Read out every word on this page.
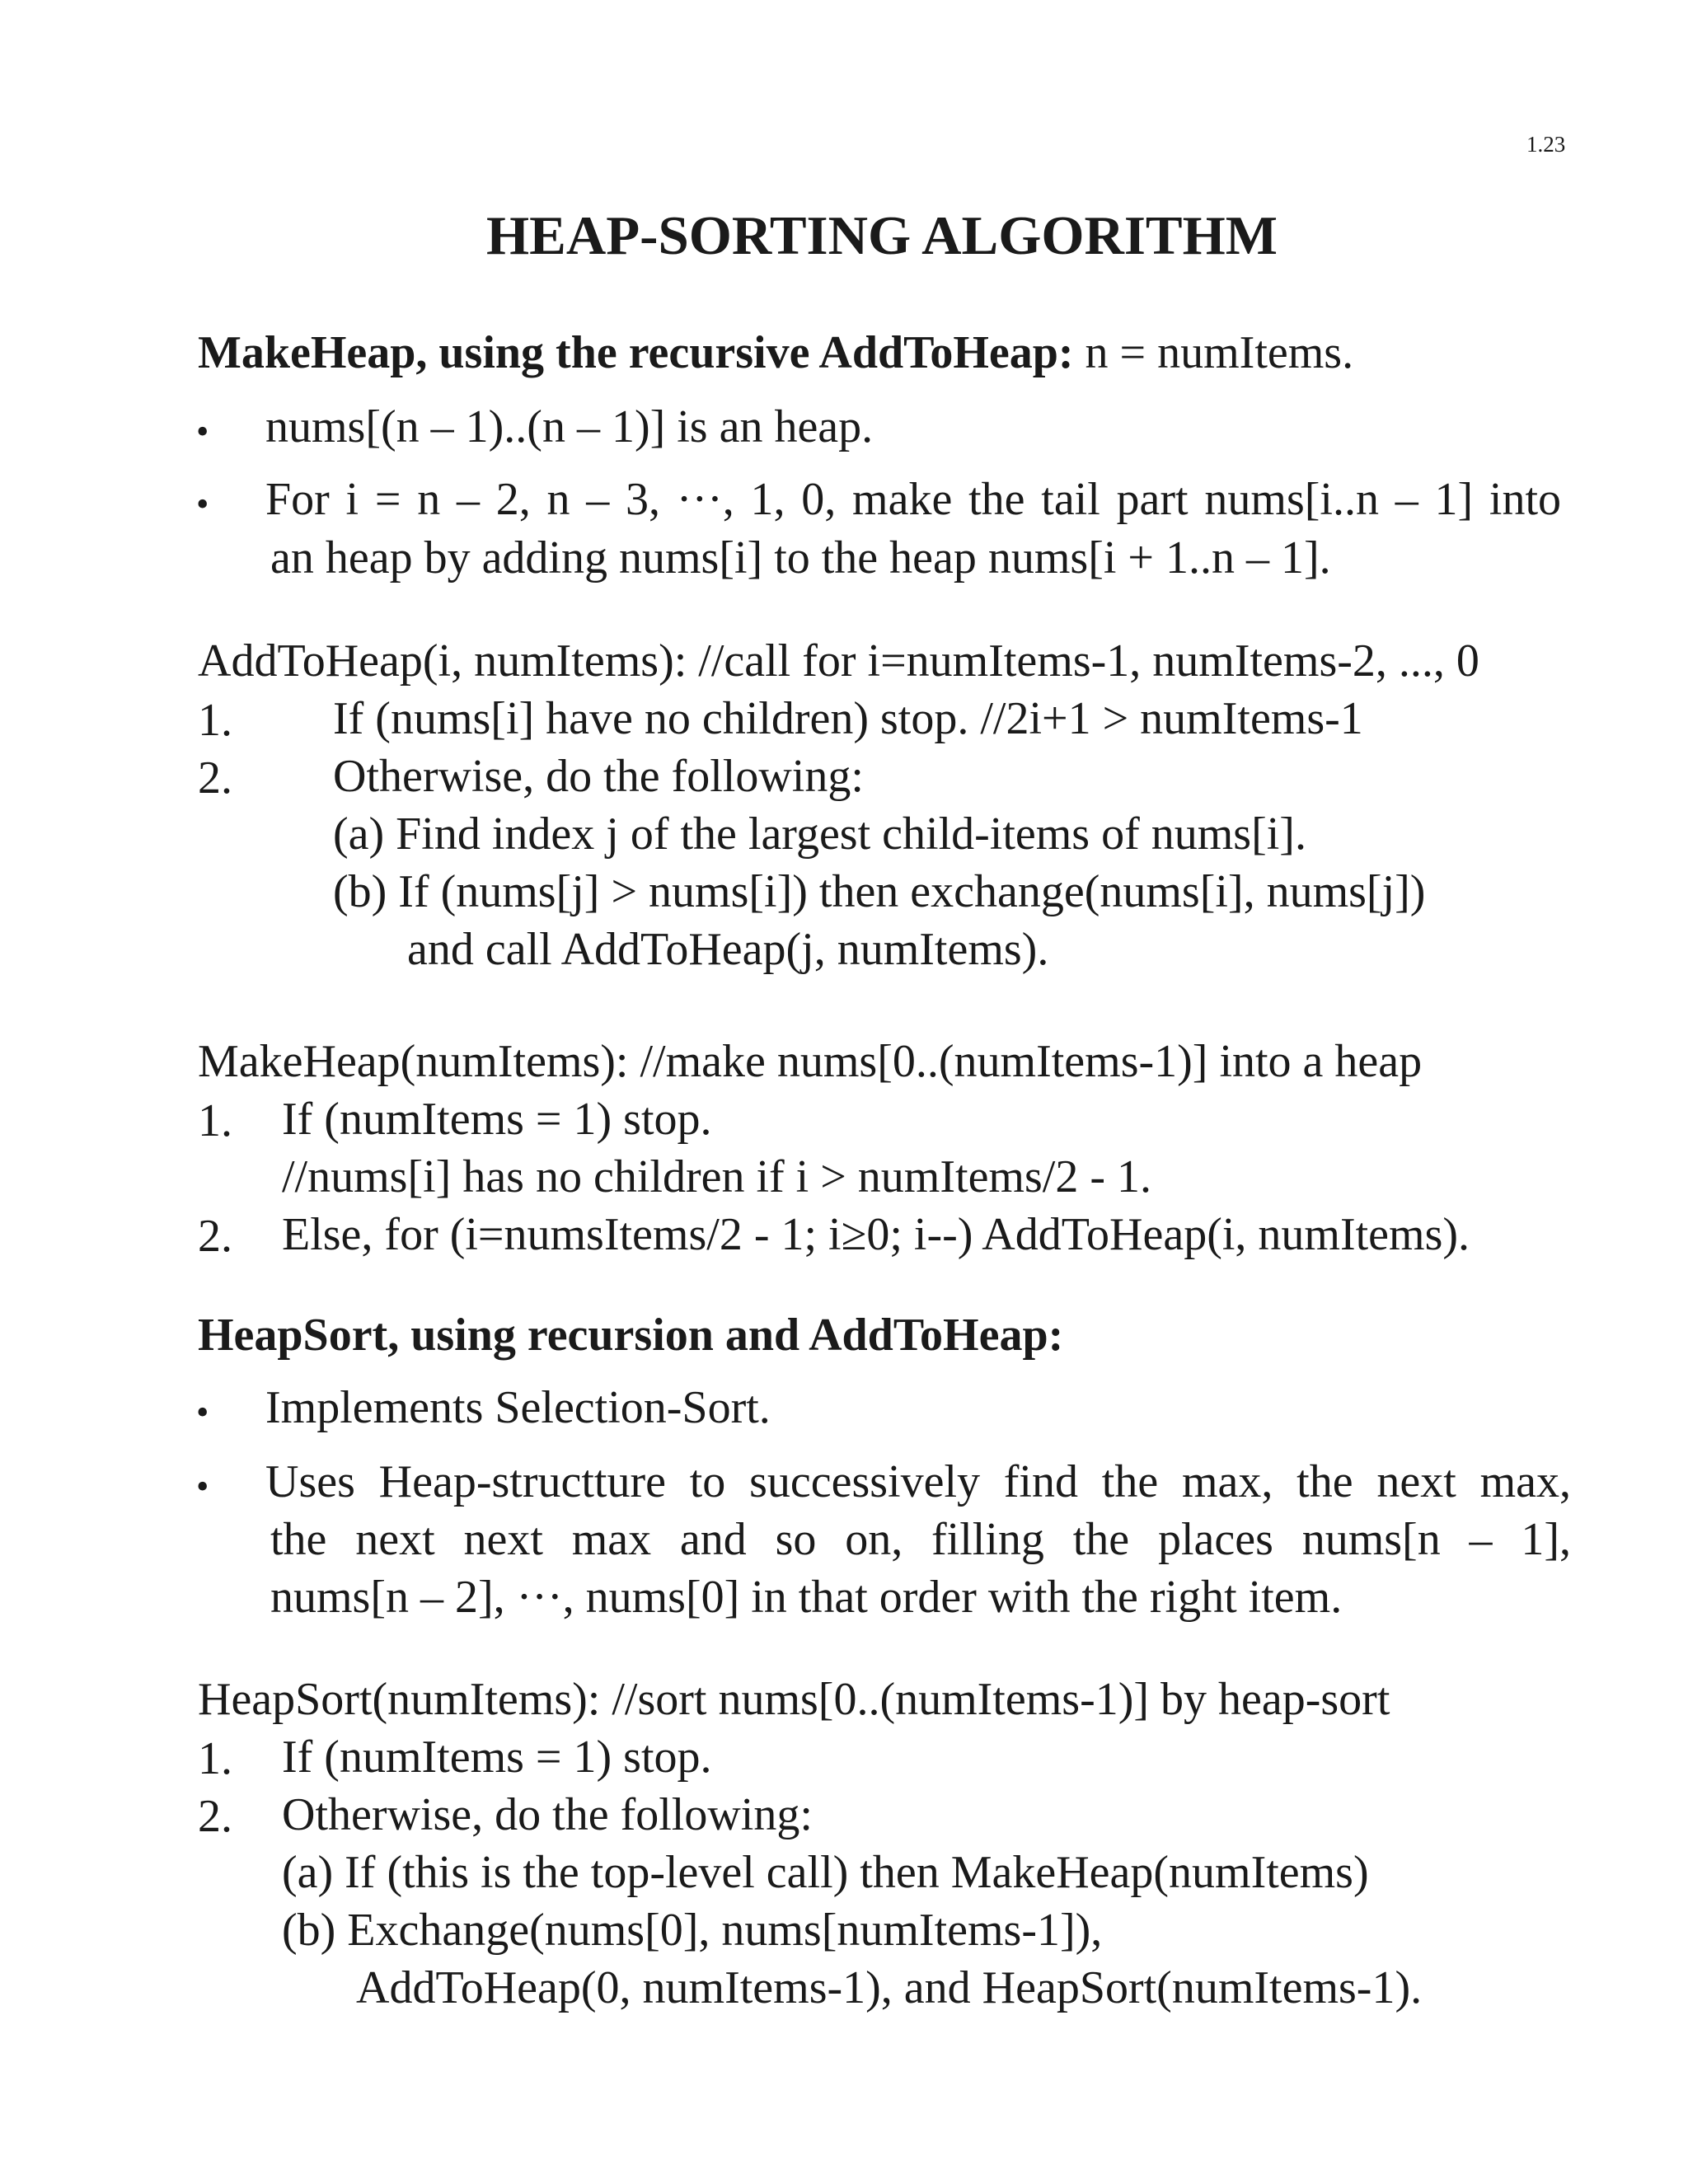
1.23
HEAP-SORTING ALGORITHM
MakeHeap, using the recursive AddToHeap: n = numItems.
• nums[(n – 1)..(n – 1)] is an heap.
• For i = n – 2, n – 3, ···, 1, 0, make the tail part nums[i..n – 1] into
an heap by adding nums[i] to the heap nums[i + 1..n – 1].
AddToHeap(i, numItems): //call for i=numItems-1, numItems-2, ..., 0
1. If (nums[i] have no children) stop. //2i+1 > numItems-1
2. Otherwise, do the following:
(a) Find index j of the largest child-items of nums[i].
(b) If (nums[j] > nums[i]) then exchange(nums[i], nums[j])
and call AddToHeap(j, numItems).
MakeHeap(numItems): //make nums[0..(numItems-1)] into a heap
1. If (numItems = 1) stop.
//nums[i] has no children if i > numItems/2 - 1.
2. Else, for (i=numsItems/2 - 1; i≥0; i--) AddToHeap(i, numItems).
HeapSort, using recursion and AddToHeap:
• Implements Selection-Sort.
• Uses Heap-structture to successively find the max, the next max,
the next next max and so on, filling the places nums[n – 1],
nums[n – 2], ···, nums[0] in that order with the right item.
HeapSort(numItems): //sort nums[0..(numItems-1)] by heap-sort
1. If (numItems = 1) stop.
2. Otherwise, do the following:
(a) If (this is the top-level call) then MakeHeap(numItems)
(b) Exchange(nums[0], nums[numItems-1]),
AddToHeap(0, numItems-1), and HeapSort(numItems-1).
